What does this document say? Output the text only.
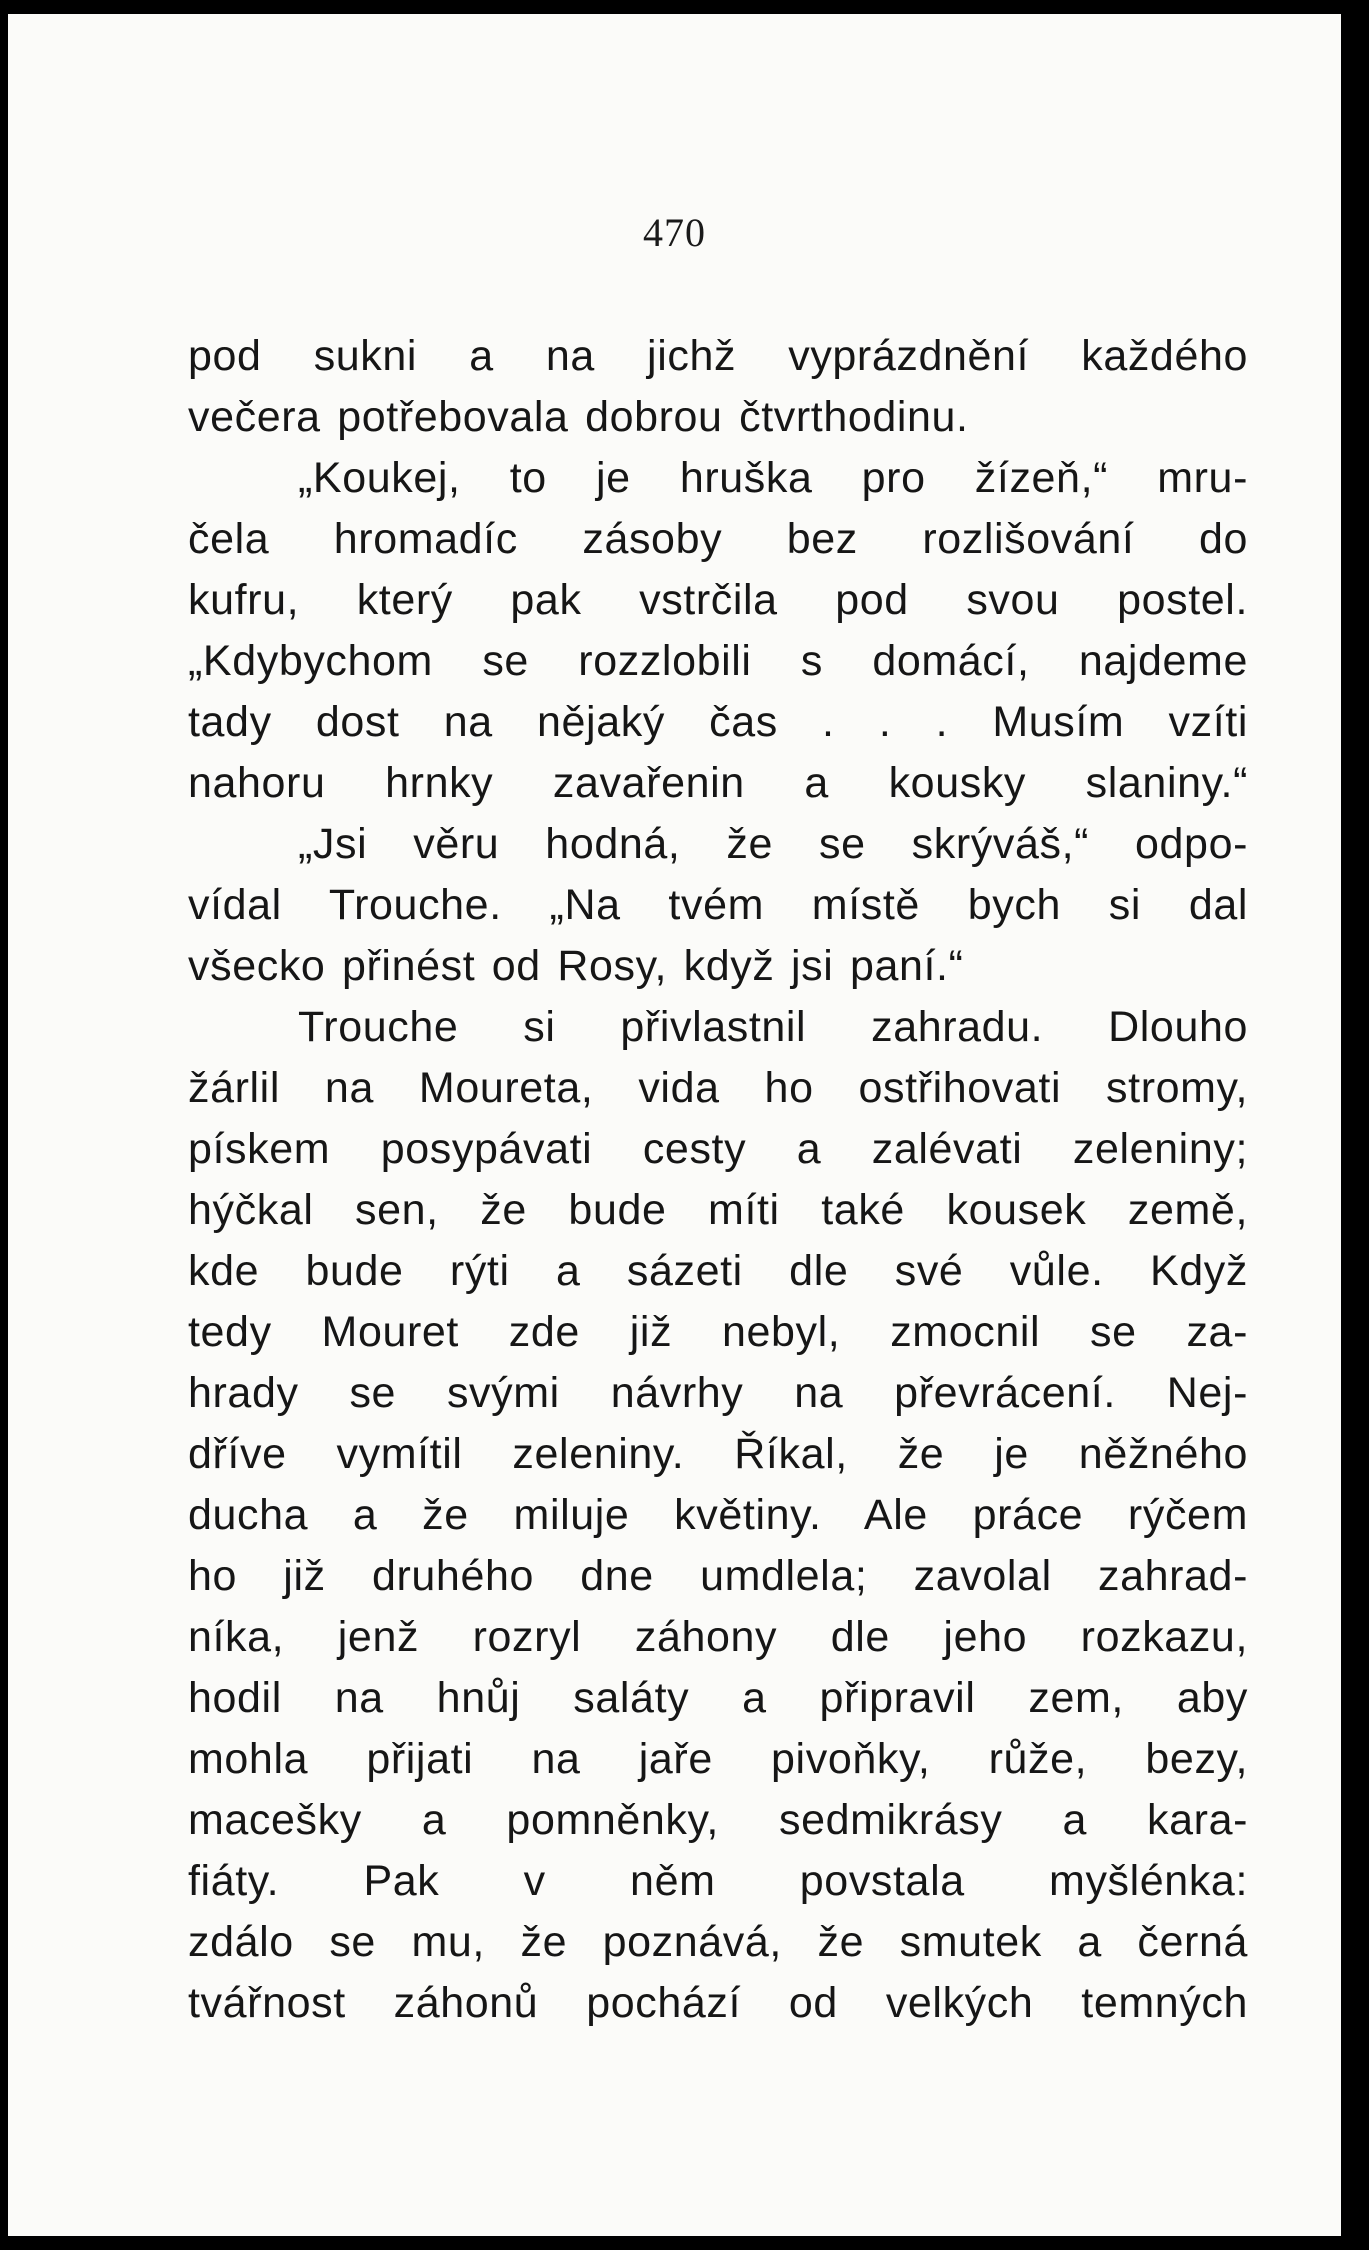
470
pod sukni a na jichž vyprázdnění každého
večera potřebovala dobrou čtvrthodinu.
„Koukej, to je hruška pro žízeň,“ mru-
čela hromadíc zásoby bez rozlišování do
kufru, který pak vstrčila pod svou postel.
„Kdybychom se rozzlobili s domácí, najdeme
tady dost na nějaký čas . . . Musím vzíti
nahoru hrnky zavařenin a kousky slaniny.“
„Jsi věru hodná, že se skrýváš,“ odpo-
vídal Trouche. „Na tvém místě bych si dal
všecko přinést od Rosy, když jsi paní.“
Trouche si přivlastnil zahradu. Dlouho
žárlil na Moureta, vida ho ostřihovati stromy,
pískem posypávati cesty a zalévati zeleniny;
hýčkal sen, že bude míti také kousek země,
kde bude rýti a sázeti dle své vůle. Když
tedy Mouret zde již nebyl, zmocnil se za-
hrady se svými návrhy na převrácení. Nej-
dříve vymítil zeleniny. Říkal, že je něžného
ducha a že miluje květiny. Ale práce rýčem
ho již druhého dne umdlela; zavolal zahrad-
níka, jenž rozryl záhony dle jeho rozkazu,
hodil na hnůj saláty a připravil zem, aby
mohla přijati na jaře pivoňky, růže, bezy,
macešky a pomněnky, sedmikrásy a kara-
fiáty. Pak v něm povstala myšlénka:
zdálo se mu, že poznává, že smutek a černá
tvářnost záhonů pochází od velkých temných
